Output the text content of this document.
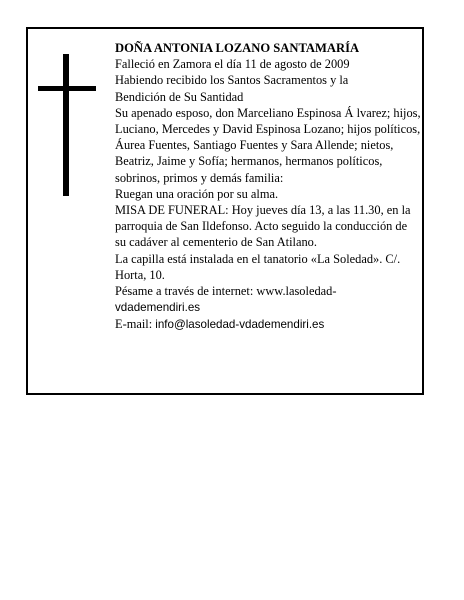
DOÑA ANTONIA LOZANO SANTAMARÍA

Falleció en Zamora el día 11 de agosto de 2009

Habiendo recibido los Santos Sacramentos y la

Bendición de Su Santidad

Su apenado esposo, don Marceliano Espinosa Á lvarez; hijos, Luciano, Mercedes y David Espinosa Lozano; hijos políticos, Áurea Fuentes, Santiago Fuentes y Sara Allende; nietos, Beatriz, Jaime y Sofía; hermanos, hermanos políticos, sobrinos, primos y demás familia:

Ruegan una oración por su alma.

MISA DE FUNERAL: Hoy jueves día 13, a las 11.30, en la parroquia de San Ildefonso. Acto seguido la conducción de su cadáver al cementerio de San Atilano.

La capilla está instalada en el tanatorio «La Soledad». C/. Horta, 10.

Pésame a través de internet: www.lasoledad-

vdademendiri.es

E-mail: info@lasoledad-vdademendiri.es
